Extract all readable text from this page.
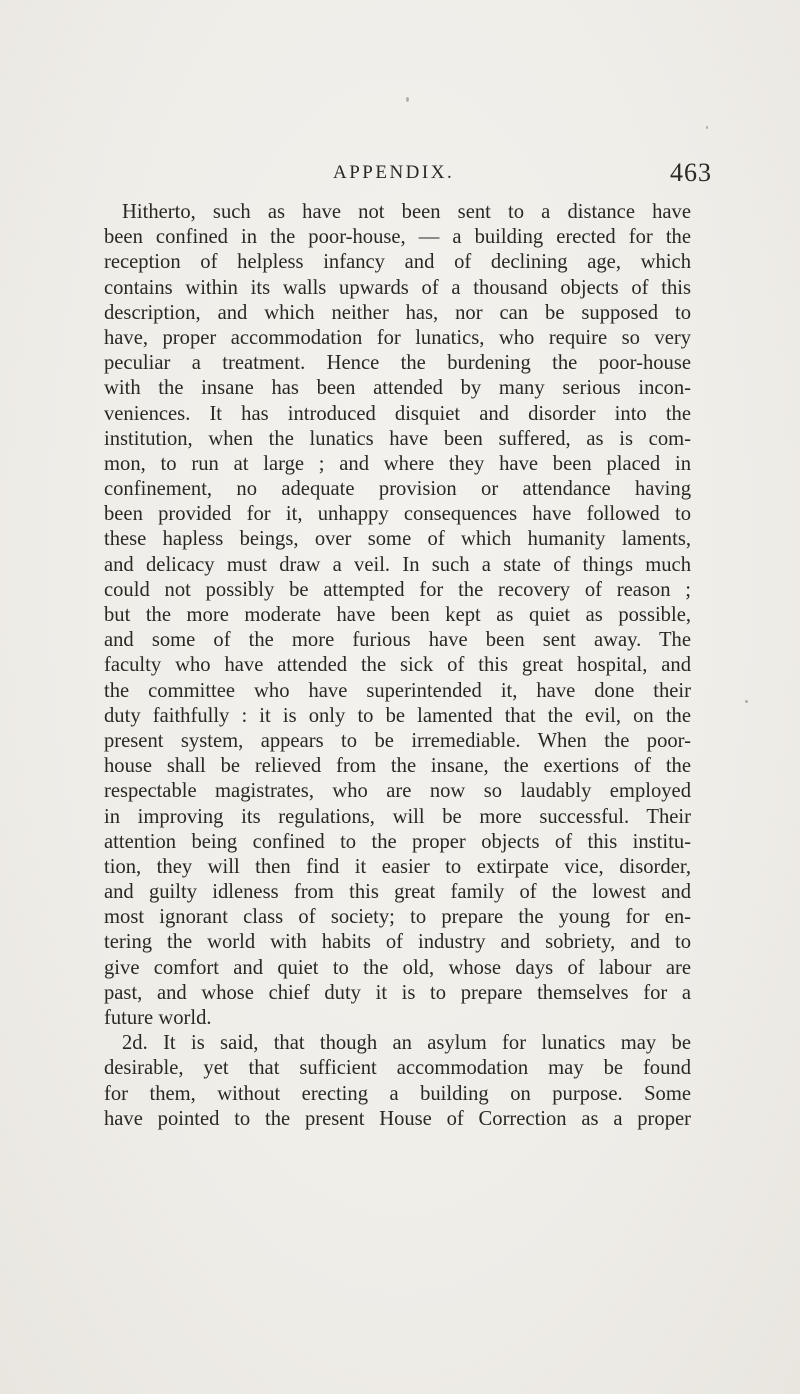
APPENDIX.	463
Hitherto, such as have not been sent to a distance have
been confined in the poor-house, — a building erected for the
reception of helpless infancy and of declining age, which
contains within its walls upwards of a thousand objects of this
description, and which neither has, nor can be supposed to
have, proper accommodation for lunatics, who require so very
peculiar a treatment. Hence the burdening the poor-house
with the insane has been attended by many serious incon-
veniences. It has introduced disquiet and disorder into the
institution, when the lunatics have been suffered, as is com-
mon, to run at large ; and where they have been placed in
confinement, no adequate provision or attendance having
been provided for it, unhappy consequences have followed to
these hapless beings, over some of which humanity laments,
and delicacy must draw a veil. In such a state of things much
could not possibly be attempted for the recovery of reason ;
but the more moderate have been kept as quiet as possible,
and some of the more furious have been sent away. The
faculty who have attended the sick of this great hospital, and
the committee who have superintended it, have done their
duty faithfully : it is only to be lamented that the evil, on the
present system, appears to be irremediable. When the poor-
house shall be relieved from the insane, the exertions of the
respectable magistrates, who are now so laudably employed
in improving its regulations, will be more successful. Their
attention being confined to the proper objects of this institu-
tion, they will then find it easier to extirpate vice, disorder,
and guilty idleness from this great family of the lowest and
most ignorant class of society; to prepare the young for en-
tering the world with habits of industry and sobriety, and to
give comfort and quiet to the old, whose days of labour are
past, and whose chief duty it is to prepare themselves for a
future world.
2d. It is said, that though an asylum for lunatics may be
desirable, yet that sufficient accommodation may be found
for them, without erecting a building on purpose. Some
have pointed to the present House of Correction as a proper
